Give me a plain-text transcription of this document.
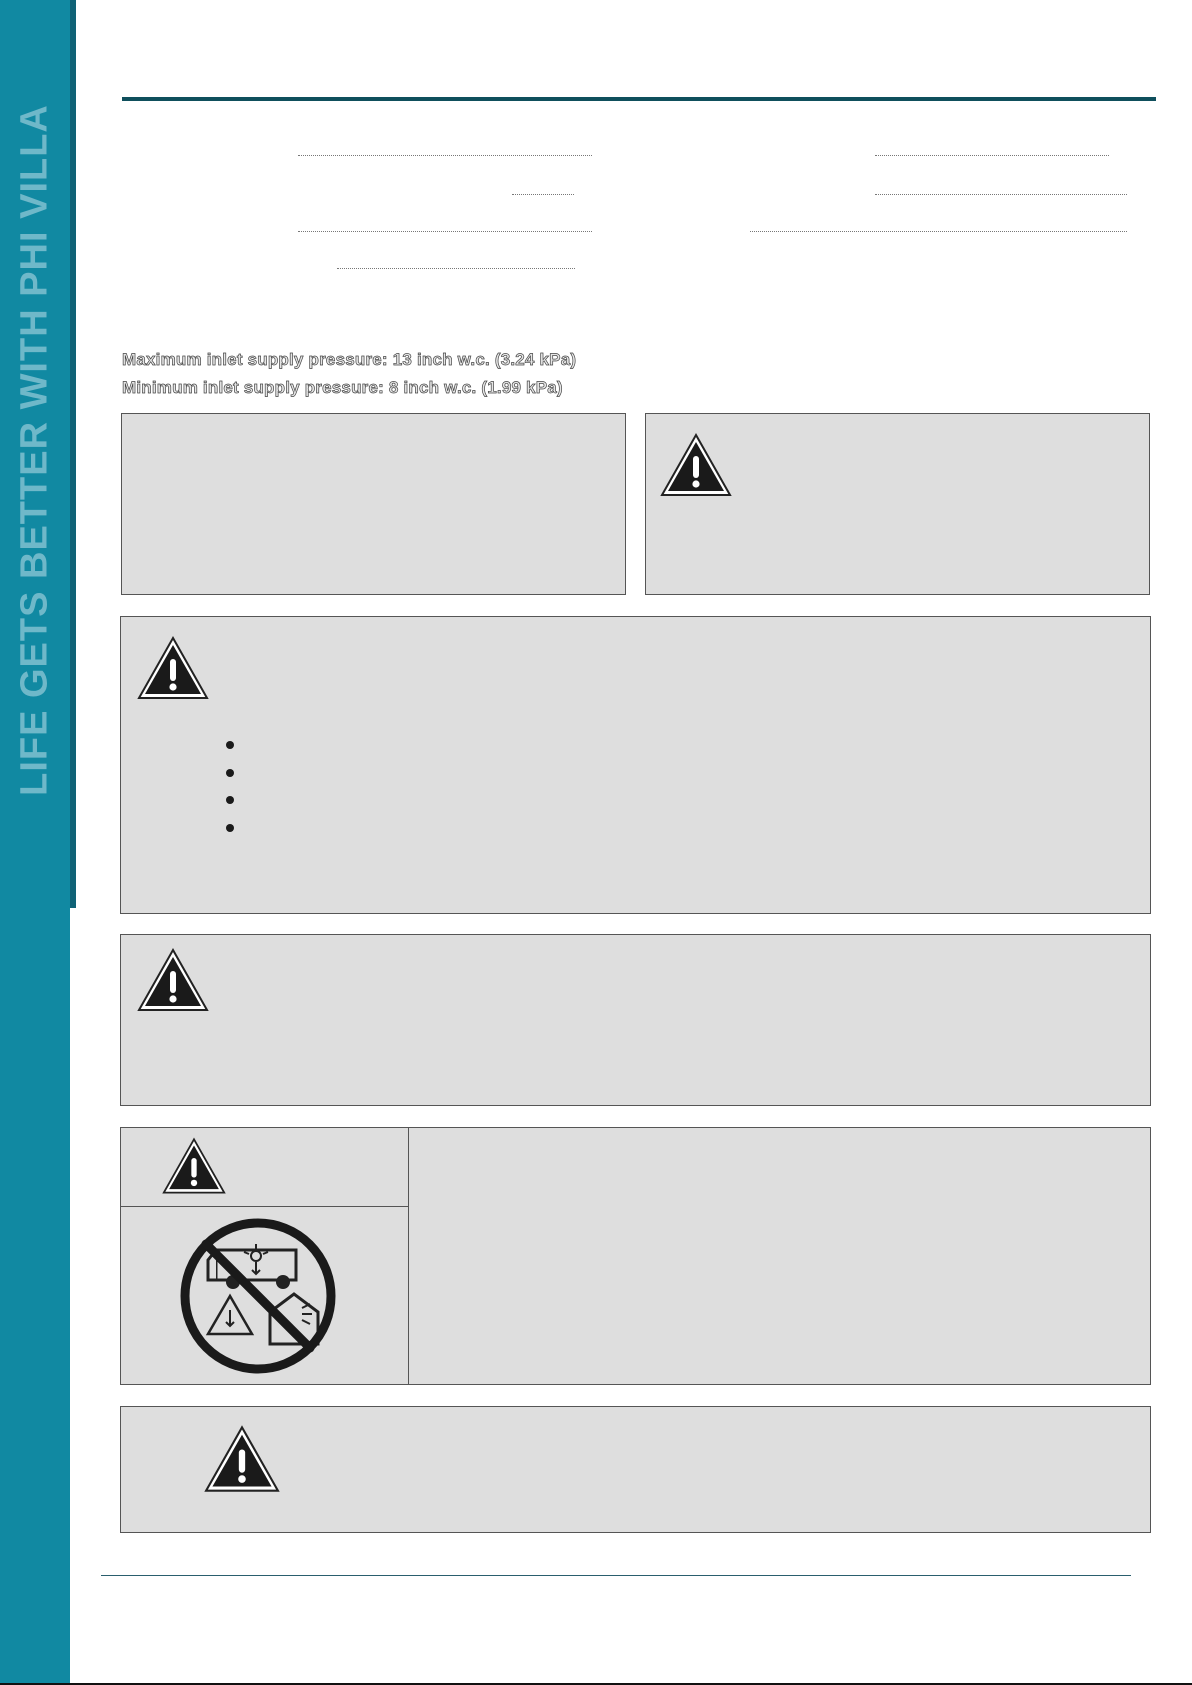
LIFE GETS BETTER WITH PHI VILLA	Maximum inlet supply pressure: 13 inch w.c. (3.24 kPa)
Minimum inlet supply pressure: 8 inch w.c. (1.99 kPa)
